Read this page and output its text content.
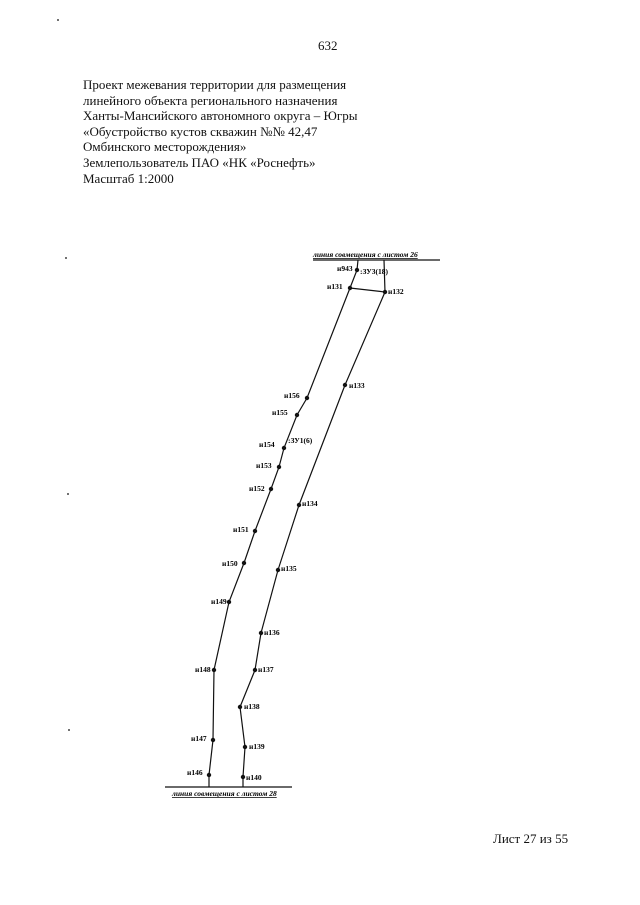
632
Проект межевания территории для размещения
линейного объекта регионального назначения
Ханты-Мансийского автономного округа – Югры
«Обустройство кустов скважин №№ 42,47
Омбинского месторождения»
Землепользователь ПАО «НК «Роснефть»
Масштаб 1:2000
линия совмещения с листом 26
линия совмещения с листом 28
н943
н131
н156
н155
н154
н153
н152
н151
н150
н149
н148
н147
н146
н132
н133
н134
н135
н136
н137
н138
н139
н140
:ЗУ3(18)
:ЗУ1(6)
Лист 27 из 55
